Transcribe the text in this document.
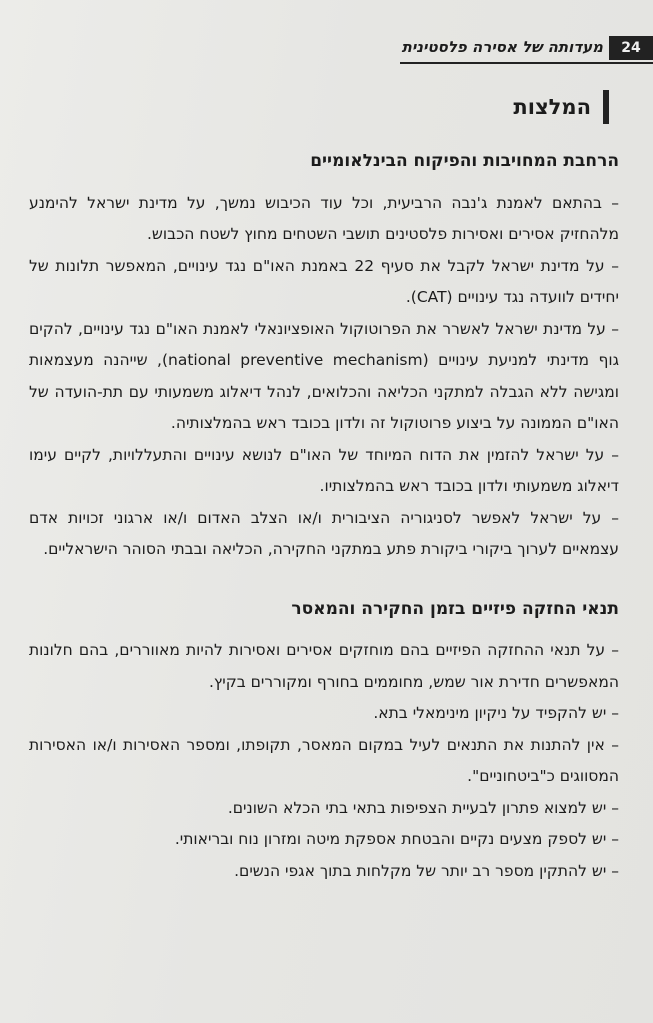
מעדותה של אסירה פלסטינית	24
המלצות
הרחבת המחויבות והפיקוח הבינלאומיים

– בהתאם לאמנת ג'נבה הרביעית, וכל עוד הכיבוש נמשך, על מדינת ישראל להימנע מלהחזיק אסירים ואסירות פלסטינים תושבי השטחים מחוץ לשטח הכבוש.

– על מדינת ישראל לקבל את סעיף 22 באמנת האו"ם נגד עינויים, המאפשר תלונות של יחידים לוועדה נגד עינויים (CAT).

– על מדינת ישראל לאשרר את הפרוטוקול האופציונאלי לאמנת האו"ם נגד עינויים, להקים גוף מדינתי למניעת עינויים (national preventive mechanism), שייהנה מעצמאות ומגישה ללא הגבלה למתקני הכליאה והכלואים, לנהל דיאלוג משמעותי עם תת-הועדה של האו"ם הממונה על ביצוע פרוטוקול זה ולדון בכובד ראש בהמלצותיה.

– על ישראל להזמין את הדוח המיוחד של האו"ם לנושא עינויים והתעללויות, לקיים עימו דיאלוג משמעותי ולדון בכובד ראש בהמלצותיו.

– על ישראל לאפשר לסניגוריה הציבורית ו/או הצלב האדום ו/או ארגוני זכויות אדם עצמאיים לערוך ביקורי ביקורת פתע במתקני החקירה, הכליאה ובבתי הסוהר הישראליים.

תנאי החזקה פיזיים בזמן החקירה והמאסר

– על תנאי ההחזקה הפיזיים בהם מוחזקים אסירים ואסירות להיות מאווררים, בהם חלונות המאפשרים חדירת אור שמש, מחוממים בחורף ומקוררים בקיץ.

– יש להקפיד על ניקיון מינימאלי בתא.

– אין להתנות את התנאים לעיל במקום המאסר, תקופתו, ומספר האסירות ו/או האסירות המסווגים כ"ביטחוניים".

– יש למצוא פתרון לבעיית הצפיפות בתאי בתי הכלא השונים.

– יש לספק מצעים נקיים והבטחת אספקת מיטה ומזרון נוח ובריאותי.

– יש להתקין מספר רב יותר של מקלחות בתוך אגפי הנשים.
